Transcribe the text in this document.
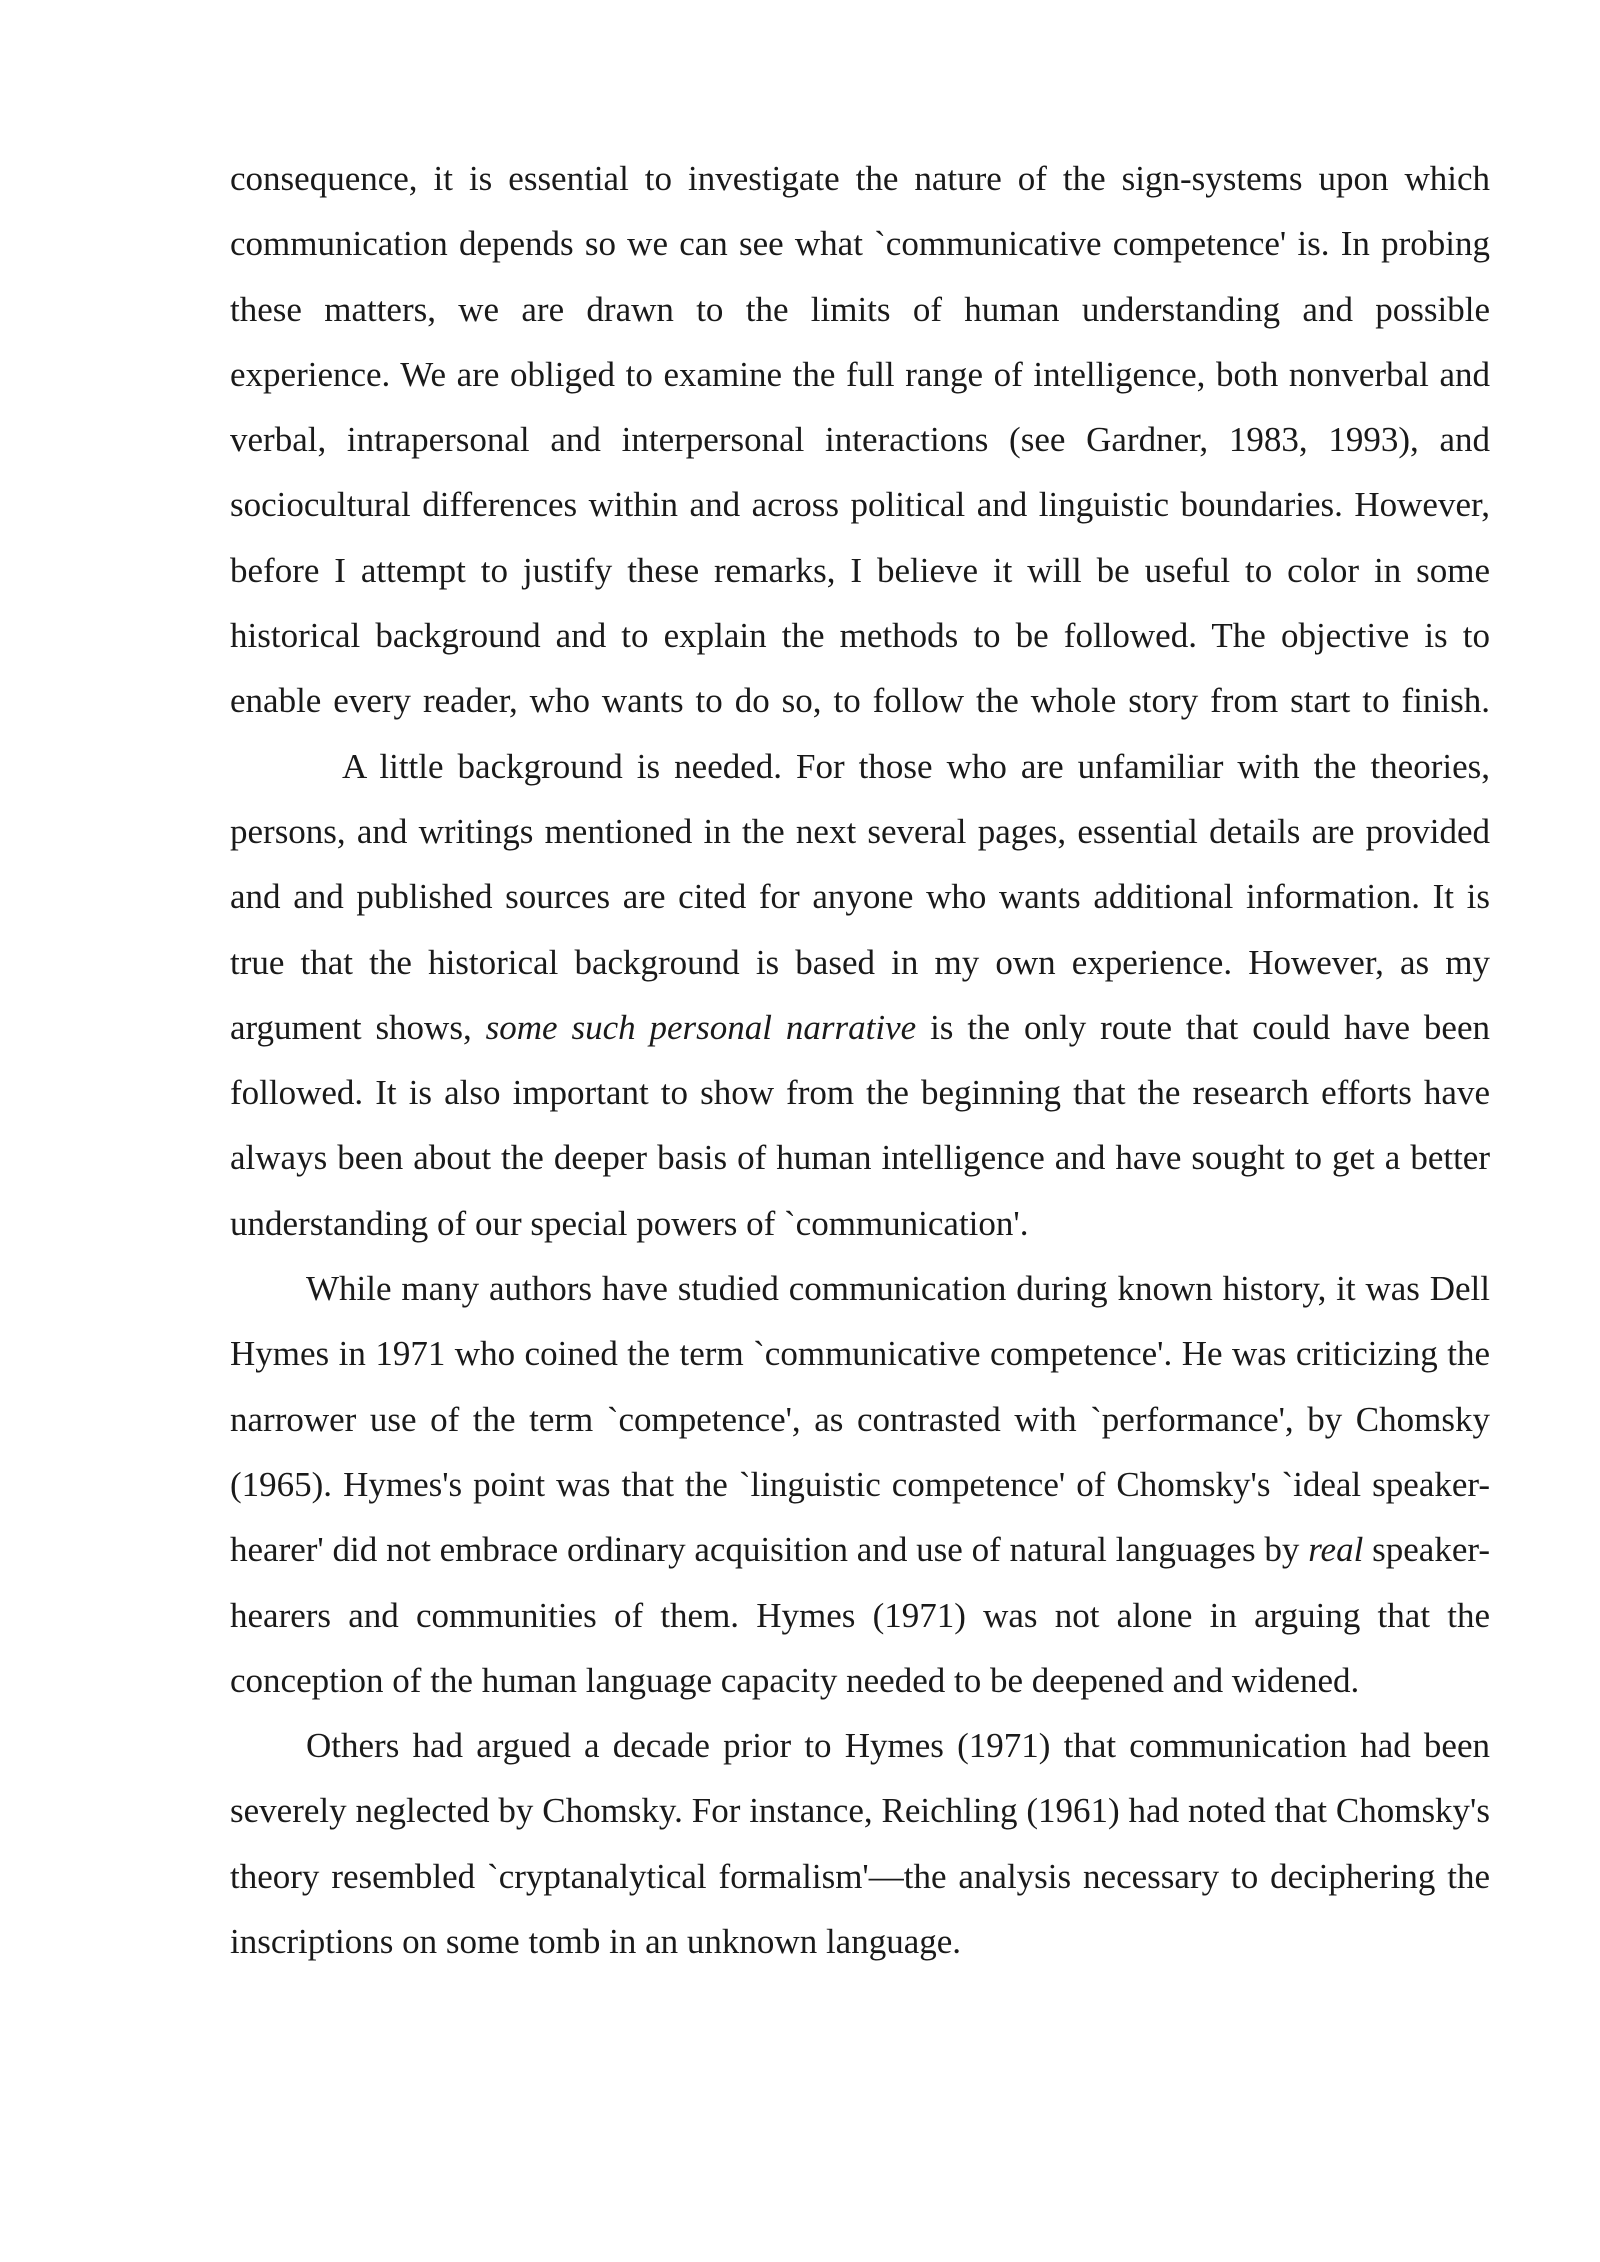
consequence, it is essential to investigate the nature of the sign-systems upon which communication depends so we can see what `communicative competence' is. In probing these matters, we are drawn to the limits of human understanding and possible experience. We are obliged to examine the full range of intelligence, both nonverbal and verbal, intrapersonal and interpersonal interactions (see Gardner, 1983, 1993), and sociocultural differences within and across political and linguistic boundaries. However, before I attempt to justify these remarks, I believe it will be useful to color in some historical background and to explain the methods to be followed. The objective is to enable every reader, who wants to do so, to follow the whole story from start to finish.A little background is needed. For those who are unfamiliar with the theories, persons, and writings mentioned in the next several pages, essential details are provided and and published sources are cited for anyone who wants additional information. It is true that the historical background is based in my own experience. However, as my argument shows, some such personal narrative is the only route that could have been followed. It is also important to show from the beginning that the research efforts have always been about the deeper basis of human intelligence and have sought to get a better understanding of our special powers of `communication'.

While many authors have studied communication during known history, it was Dell Hymes in 1971 who coined the term `communicative competence'. He was criticizing the narrower use of the term `competence', as contrasted with `performance', by Chomsky (1965). Hymes's point was that the `linguistic competence' of Chomsky's `ideal speaker-hearer' did not embrace ordinary acquisition and use of natural languages by real speaker-hearers and communities of them. Hymes (1971) was not alone in arguing that the conception of the human language capacity needed to be deepened and widened.

Others had argued a decade prior to Hymes (1971) that communication had been severely neglected by Chomsky. For instance, Reichling (1961) had noted that Chomsky's theory resembled `cryptanalytical formalism'—the analysis necessary to deciphering the inscriptions on some tomb in an unknown language.
